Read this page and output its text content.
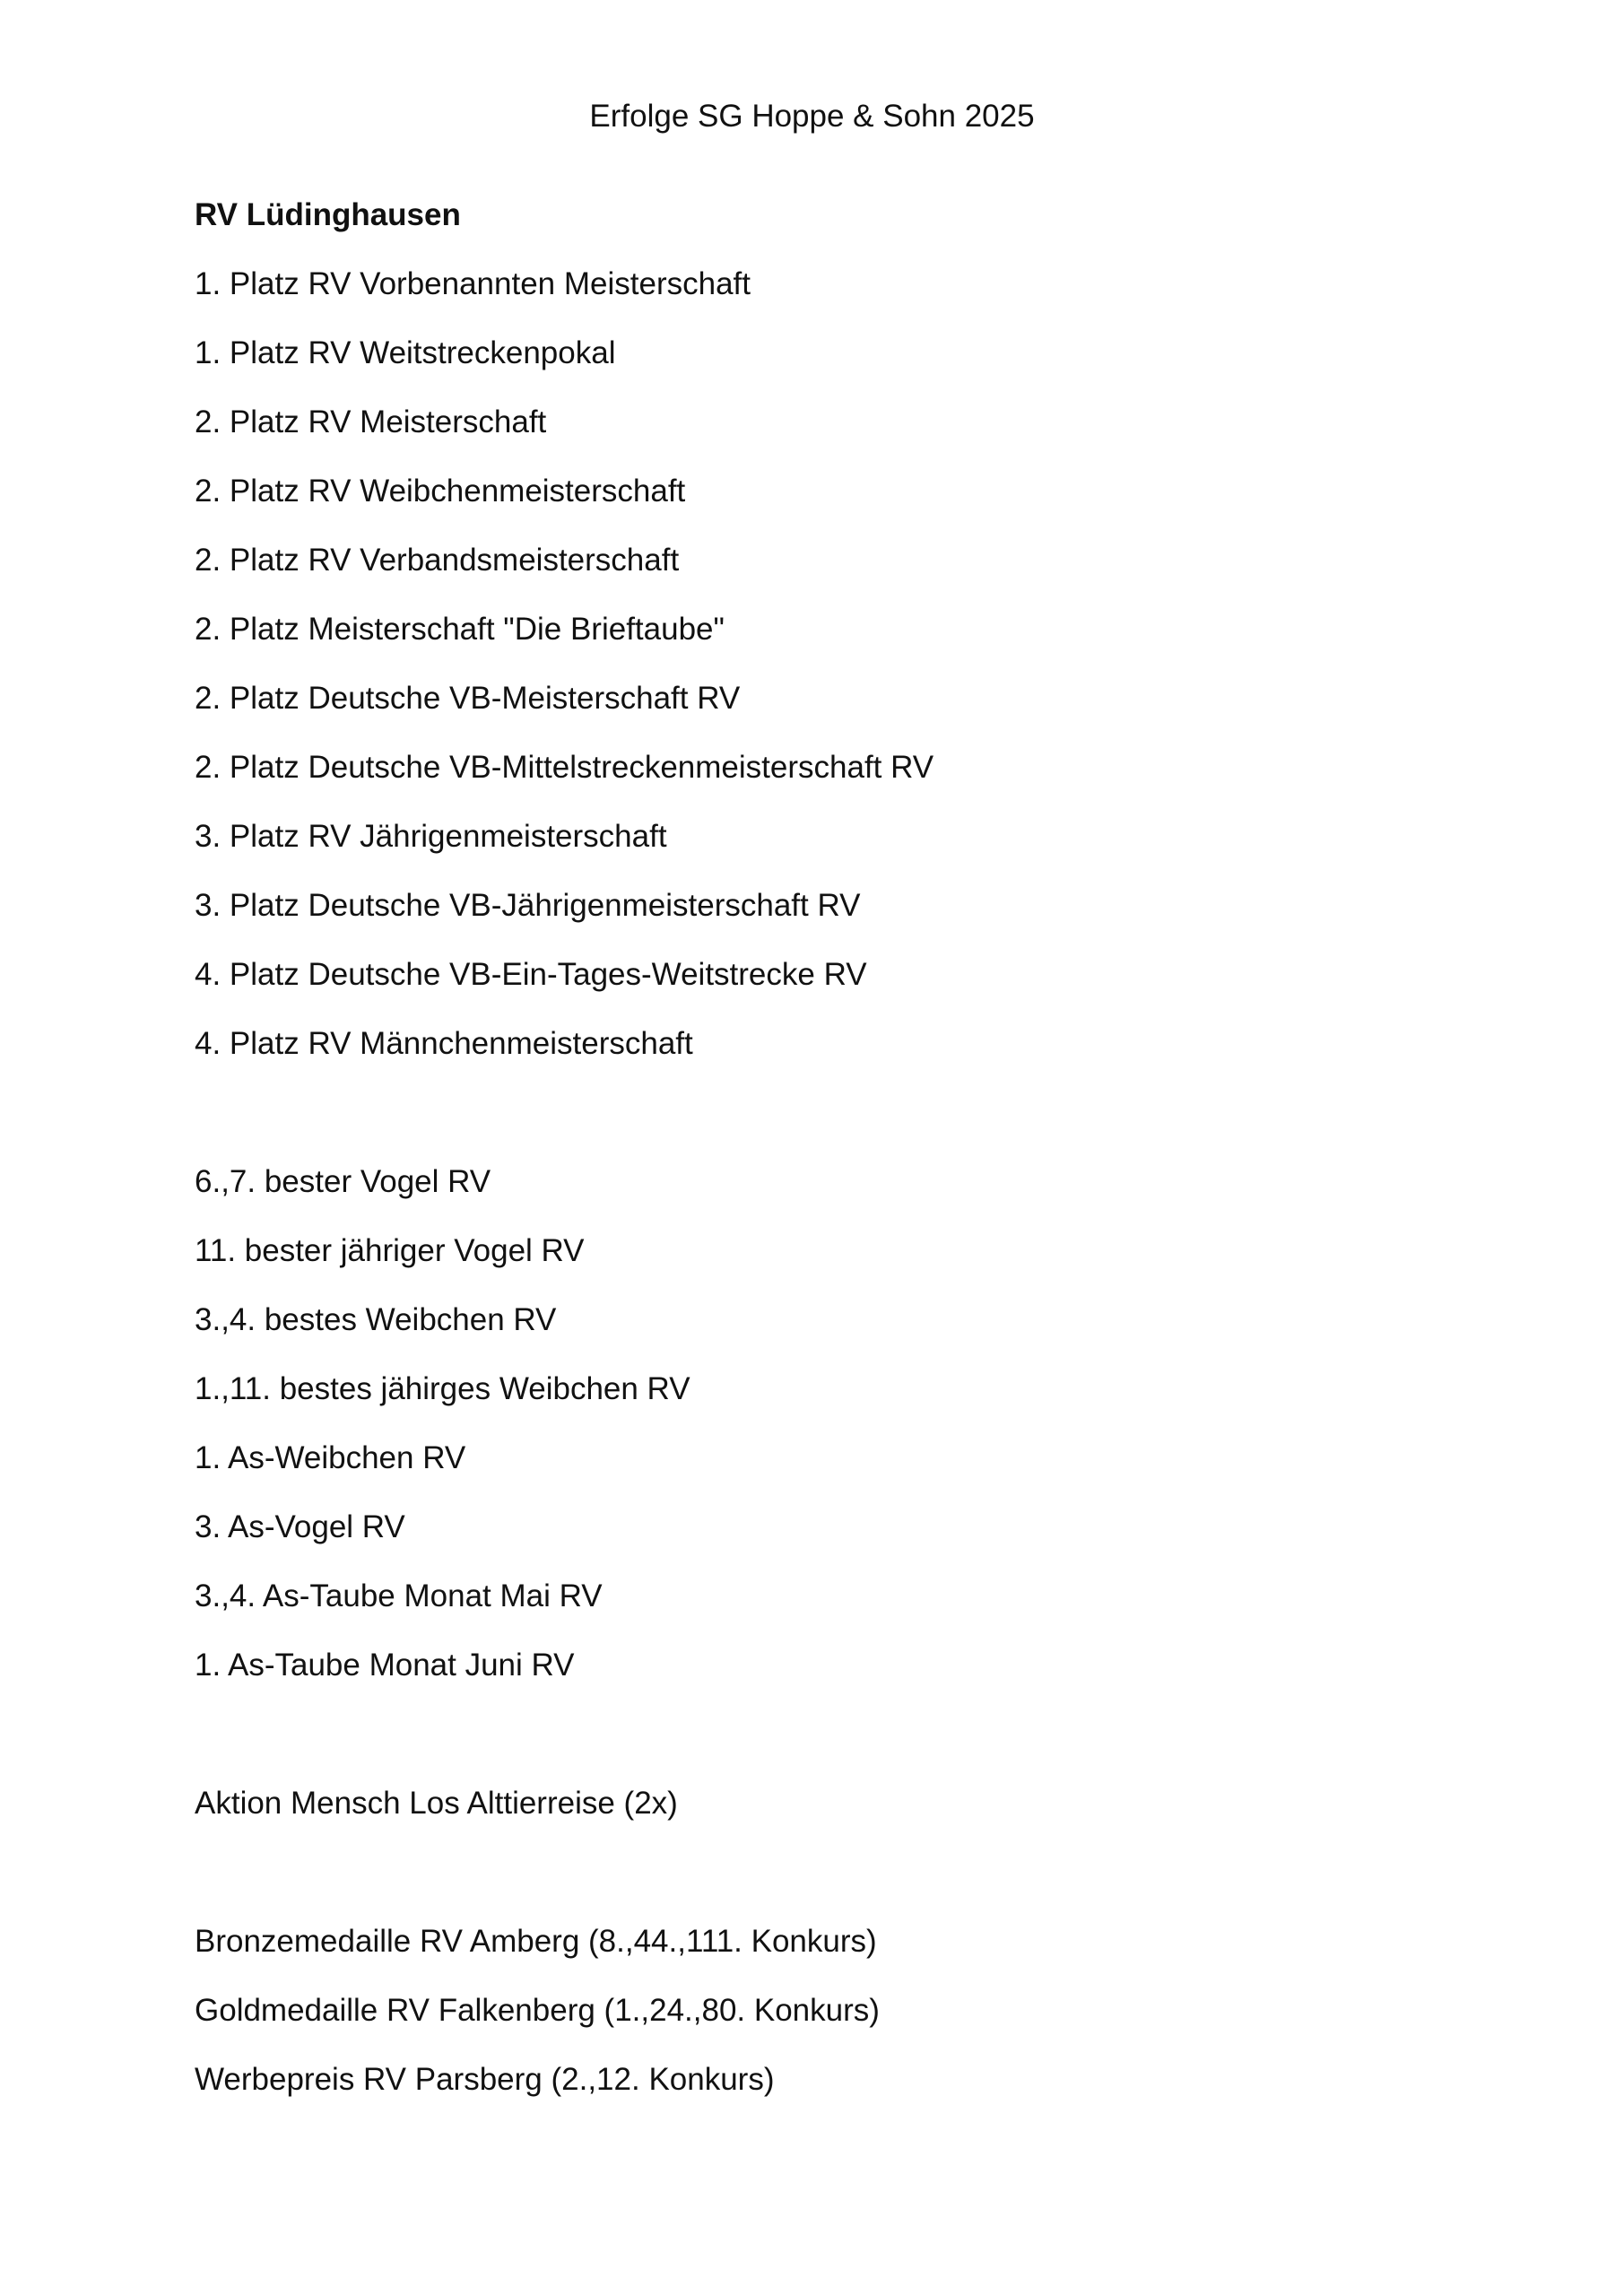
Erfolge SG Hoppe & Sohn 2025
RV Lüdinghausen
1. Platz RV Vorbenannten Meisterschaft
1. Platz RV Weitstreckenpokal
2. Platz RV Meisterschaft
2. Platz RV Weibchenmeisterschaft
2. Platz RV Verbandsmeisterschaft
2. Platz Meisterschaft "Die Brieftaube"
2. Platz Deutsche VB-Meisterschaft RV
2. Platz Deutsche VB-Mittelstreckenmeisterschaft RV
3. Platz RV Jährigenmeisterschaft
3. Platz Deutsche VB-Jährigenmeisterschaft RV
4. Platz Deutsche VB-Ein-Tages-Weitstrecke RV
4. Platz RV Männchenmeisterschaft
6.,7. bester Vogel RV
11. bester jähriger Vogel RV
3.,4. bestes Weibchen RV
1.,11. bestes jähirges Weibchen RV
1. As-Weibchen RV
3. As-Vogel RV
3.,4. As-Taube Monat Mai RV
1. As-Taube Monat Juni RV
Aktion Mensch Los Alttierreise (2x)
Bronzemedaille RV Amberg (8.,44.,111. Konkurs)
Goldmedaille RV Falkenberg (1.,24.,80. Konkurs)
Werbepreis RV Parsberg (2.,12. Konkurs)
